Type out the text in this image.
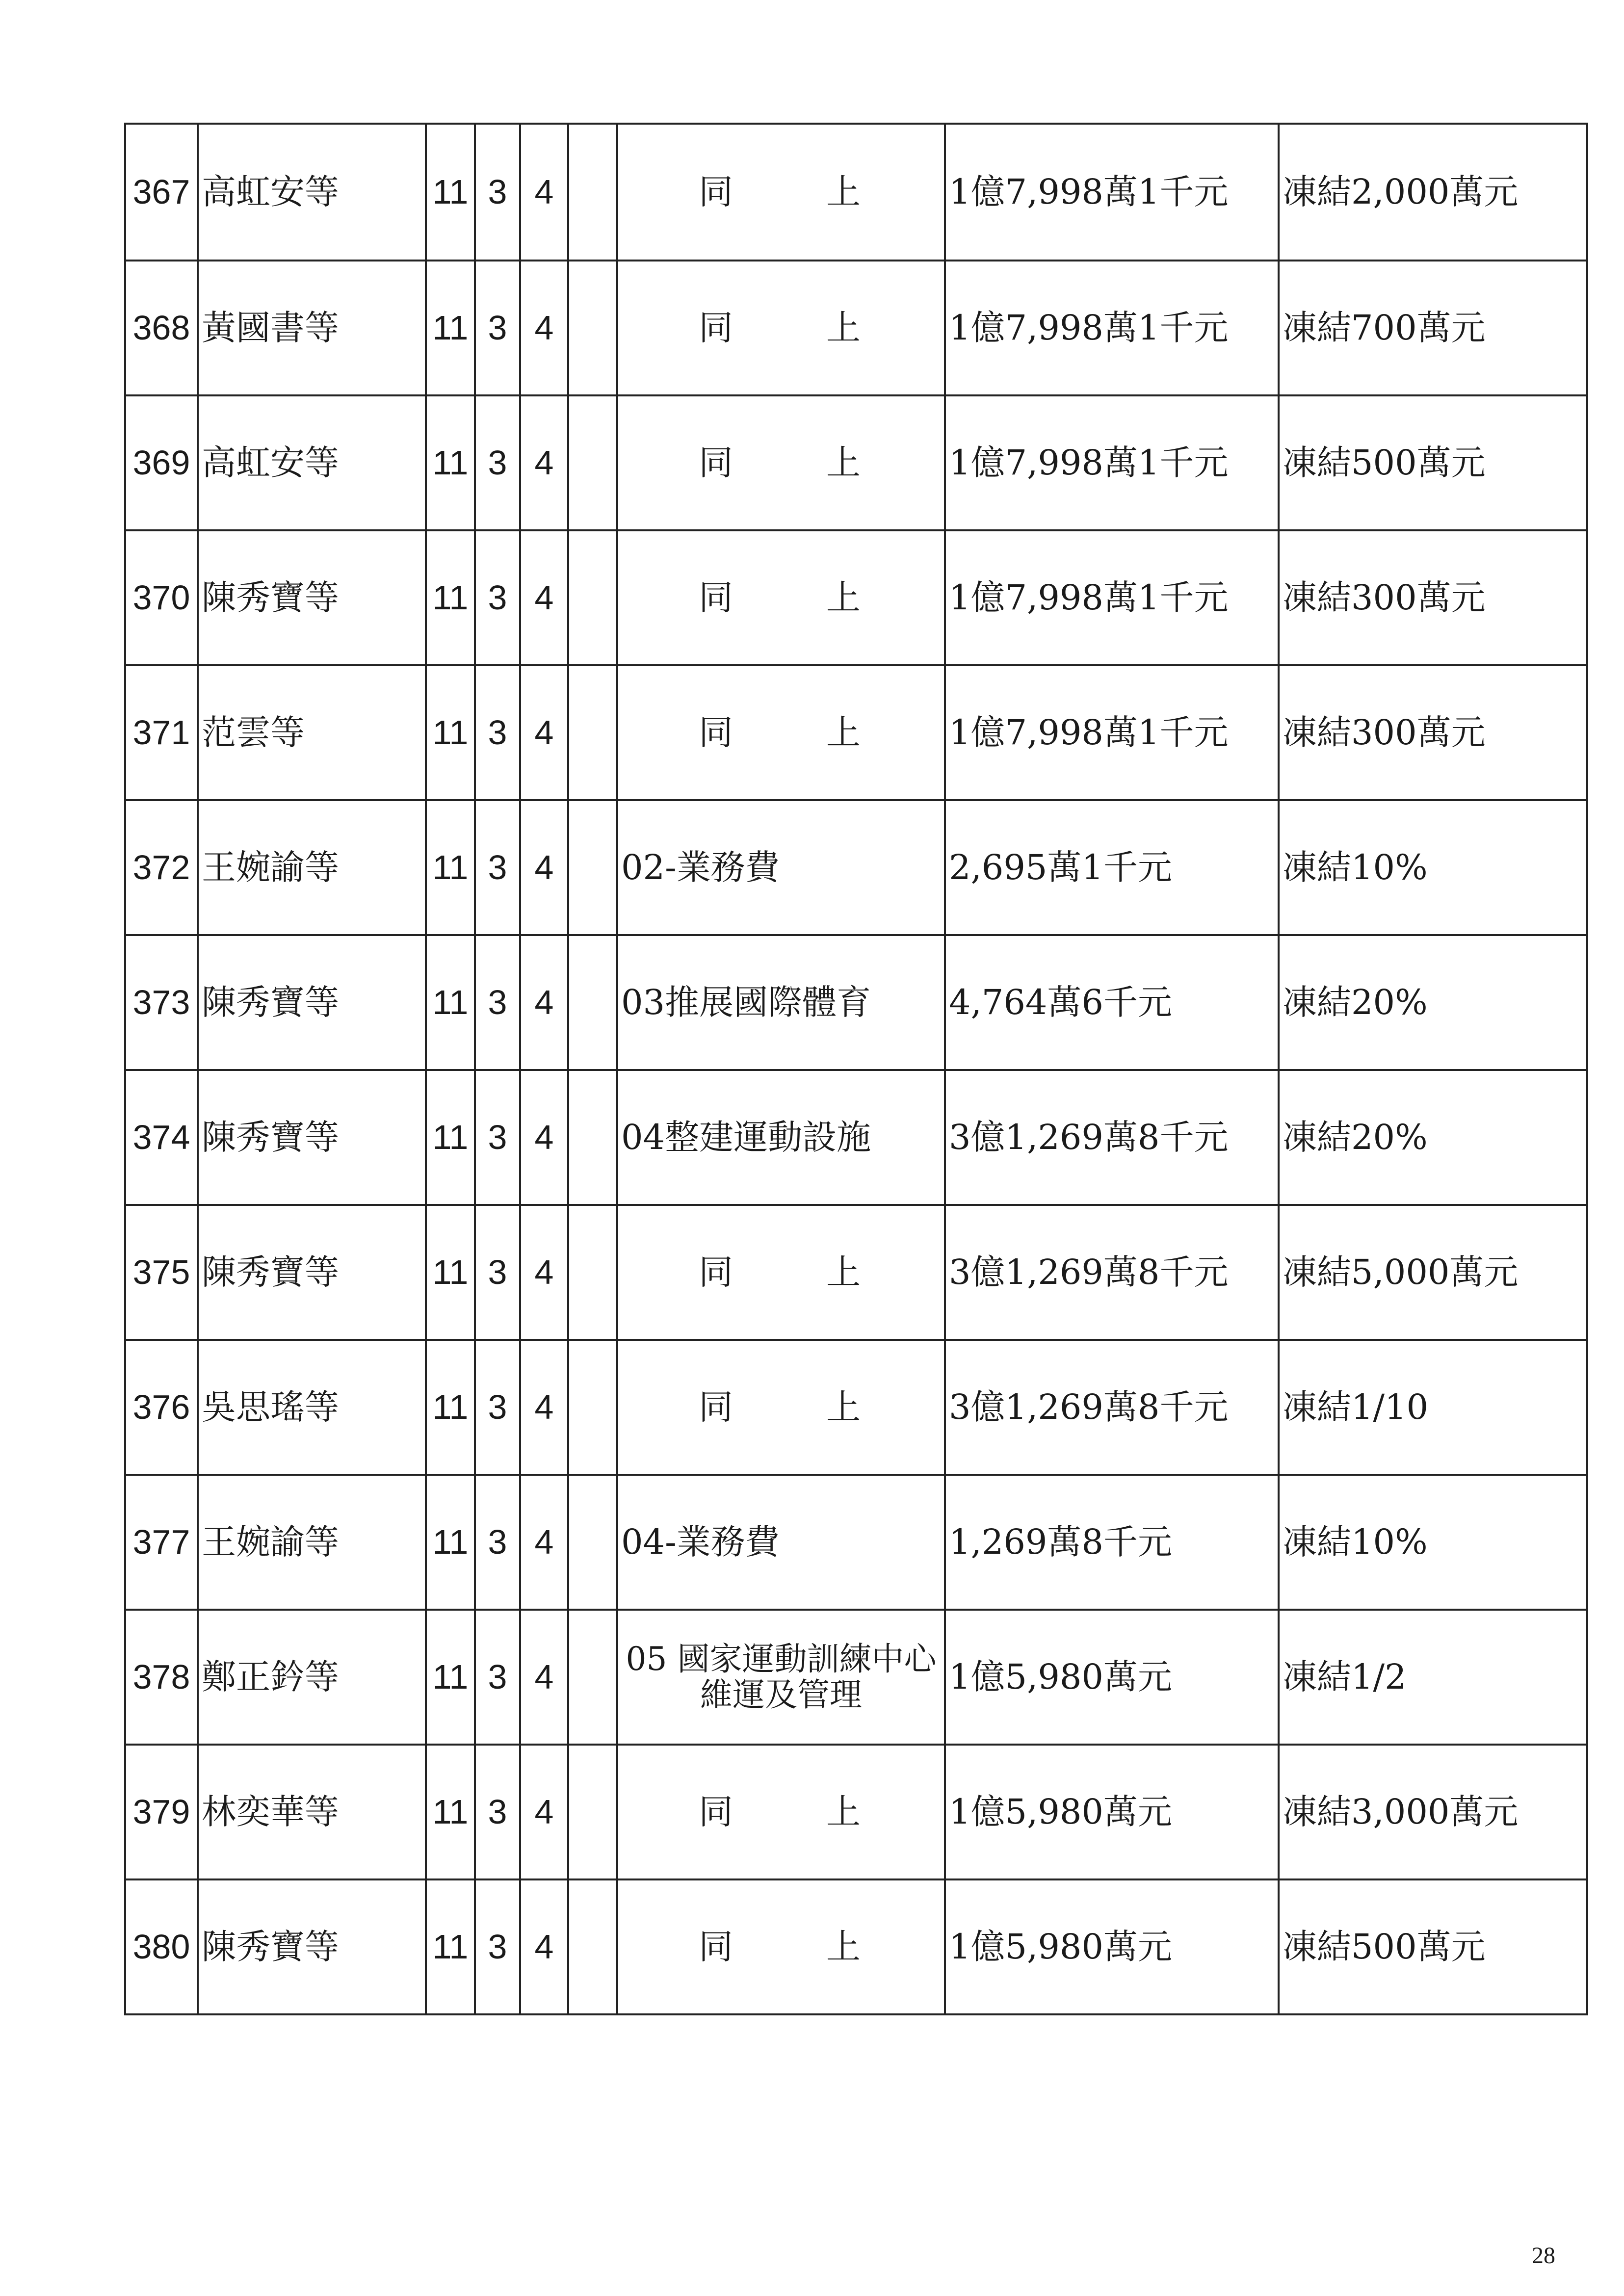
367	高虹安等	11	3	4		同　上	1億7,998萬1千元	凍結2,000萬元
368	黃國書等	11	3	4		同　上	1億7,998萬1千元	凍結700萬元
369	高虹安等	11	3	4		同　上	1億7,998萬1千元	凍結500萬元
370	陳秀寶等	11	3	4		同　上	1億7,998萬1千元	凍結300萬元
371	范雲等	11	3	4		同　上	1億7,998萬1千元	凍結300萬元
372	王婉諭等	11	3	4		02-業務費	2,695萬1千元	凍結10%
373	陳秀寶等	11	3	4		03推展國際體育	4,764萬6千元	凍結20%
374	陳秀寶等	11	3	4		04整建運動設施	3億1,269萬8千元	凍結20%
375	陳秀寶等	11	3	4		同　上	3億1,269萬8千元	凍結5,000萬元
376	吳思瑤等	11	3	4		同　上	3億1,269萬8千元	凍結1/10
377	王婉諭等	11	3	4		04-業務費	1,269萬8千元	凍結10%
378	鄭正鈐等	11	3	4		05 國家運動訓練中心維運及管理	1億5,980萬元	凍結1/2
379	林奕華等	11	3	4		同　上	1億5,980萬元	凍結3,000萬元
380	陳秀寶等	11	3	4		同　上	1億5,980萬元	凍結500萬元
28
